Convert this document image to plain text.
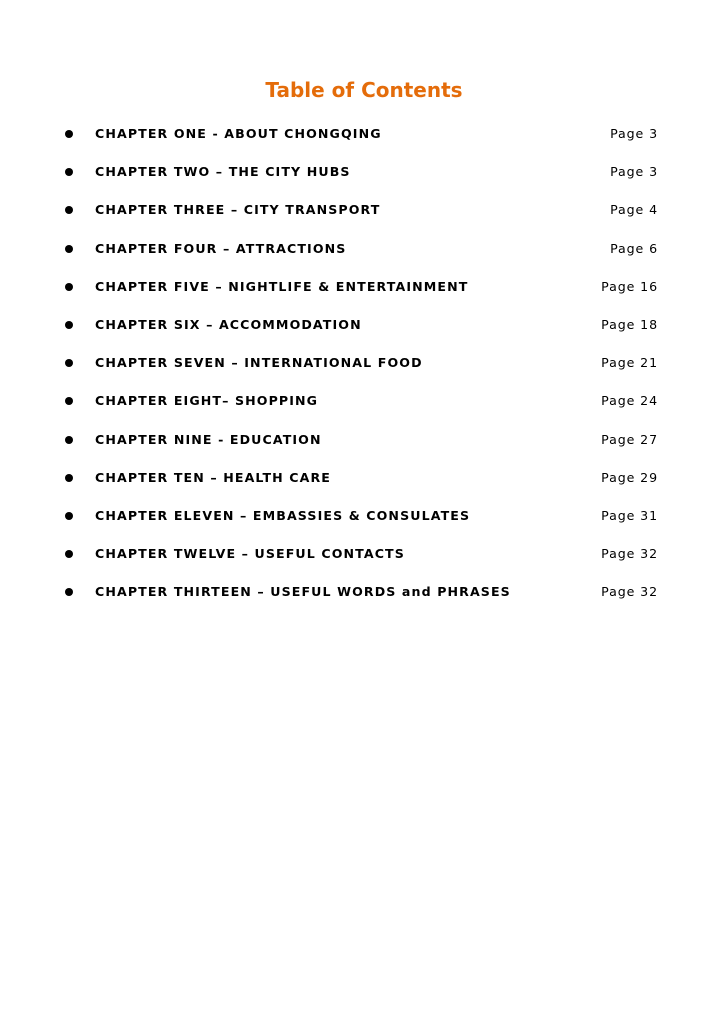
Table of Contents
CHAPTER ONE - ABOUT CHONGQING	Page 3
CHAPTER TWO – THE CITY HUBS	Page 3
CHAPTER THREE – CITY TRANSPORT	Page 4
CHAPTER FOUR – ATTRACTIONS	Page 6
CHAPTER FIVE – NIGHTLIFE & ENTERTAINMENT	Page 16
CHAPTER SIX – ACCOMMODATION	Page 18
CHAPTER SEVEN – INTERNATIONAL FOOD	Page 21
CHAPTER EIGHT– SHOPPING	Page 24
CHAPTER NINE - EDUCATION	Page 27
CHAPTER TEN – HEALTH CARE	Page 29
CHAPTER ELEVEN – EMBASSIES & CONSULATES	Page 31
CHAPTER TWELVE – USEFUL CONTACTS	Page 32
CHAPTER THIRTEEN – USEFUL WORDS and PHRASES	Page 32
